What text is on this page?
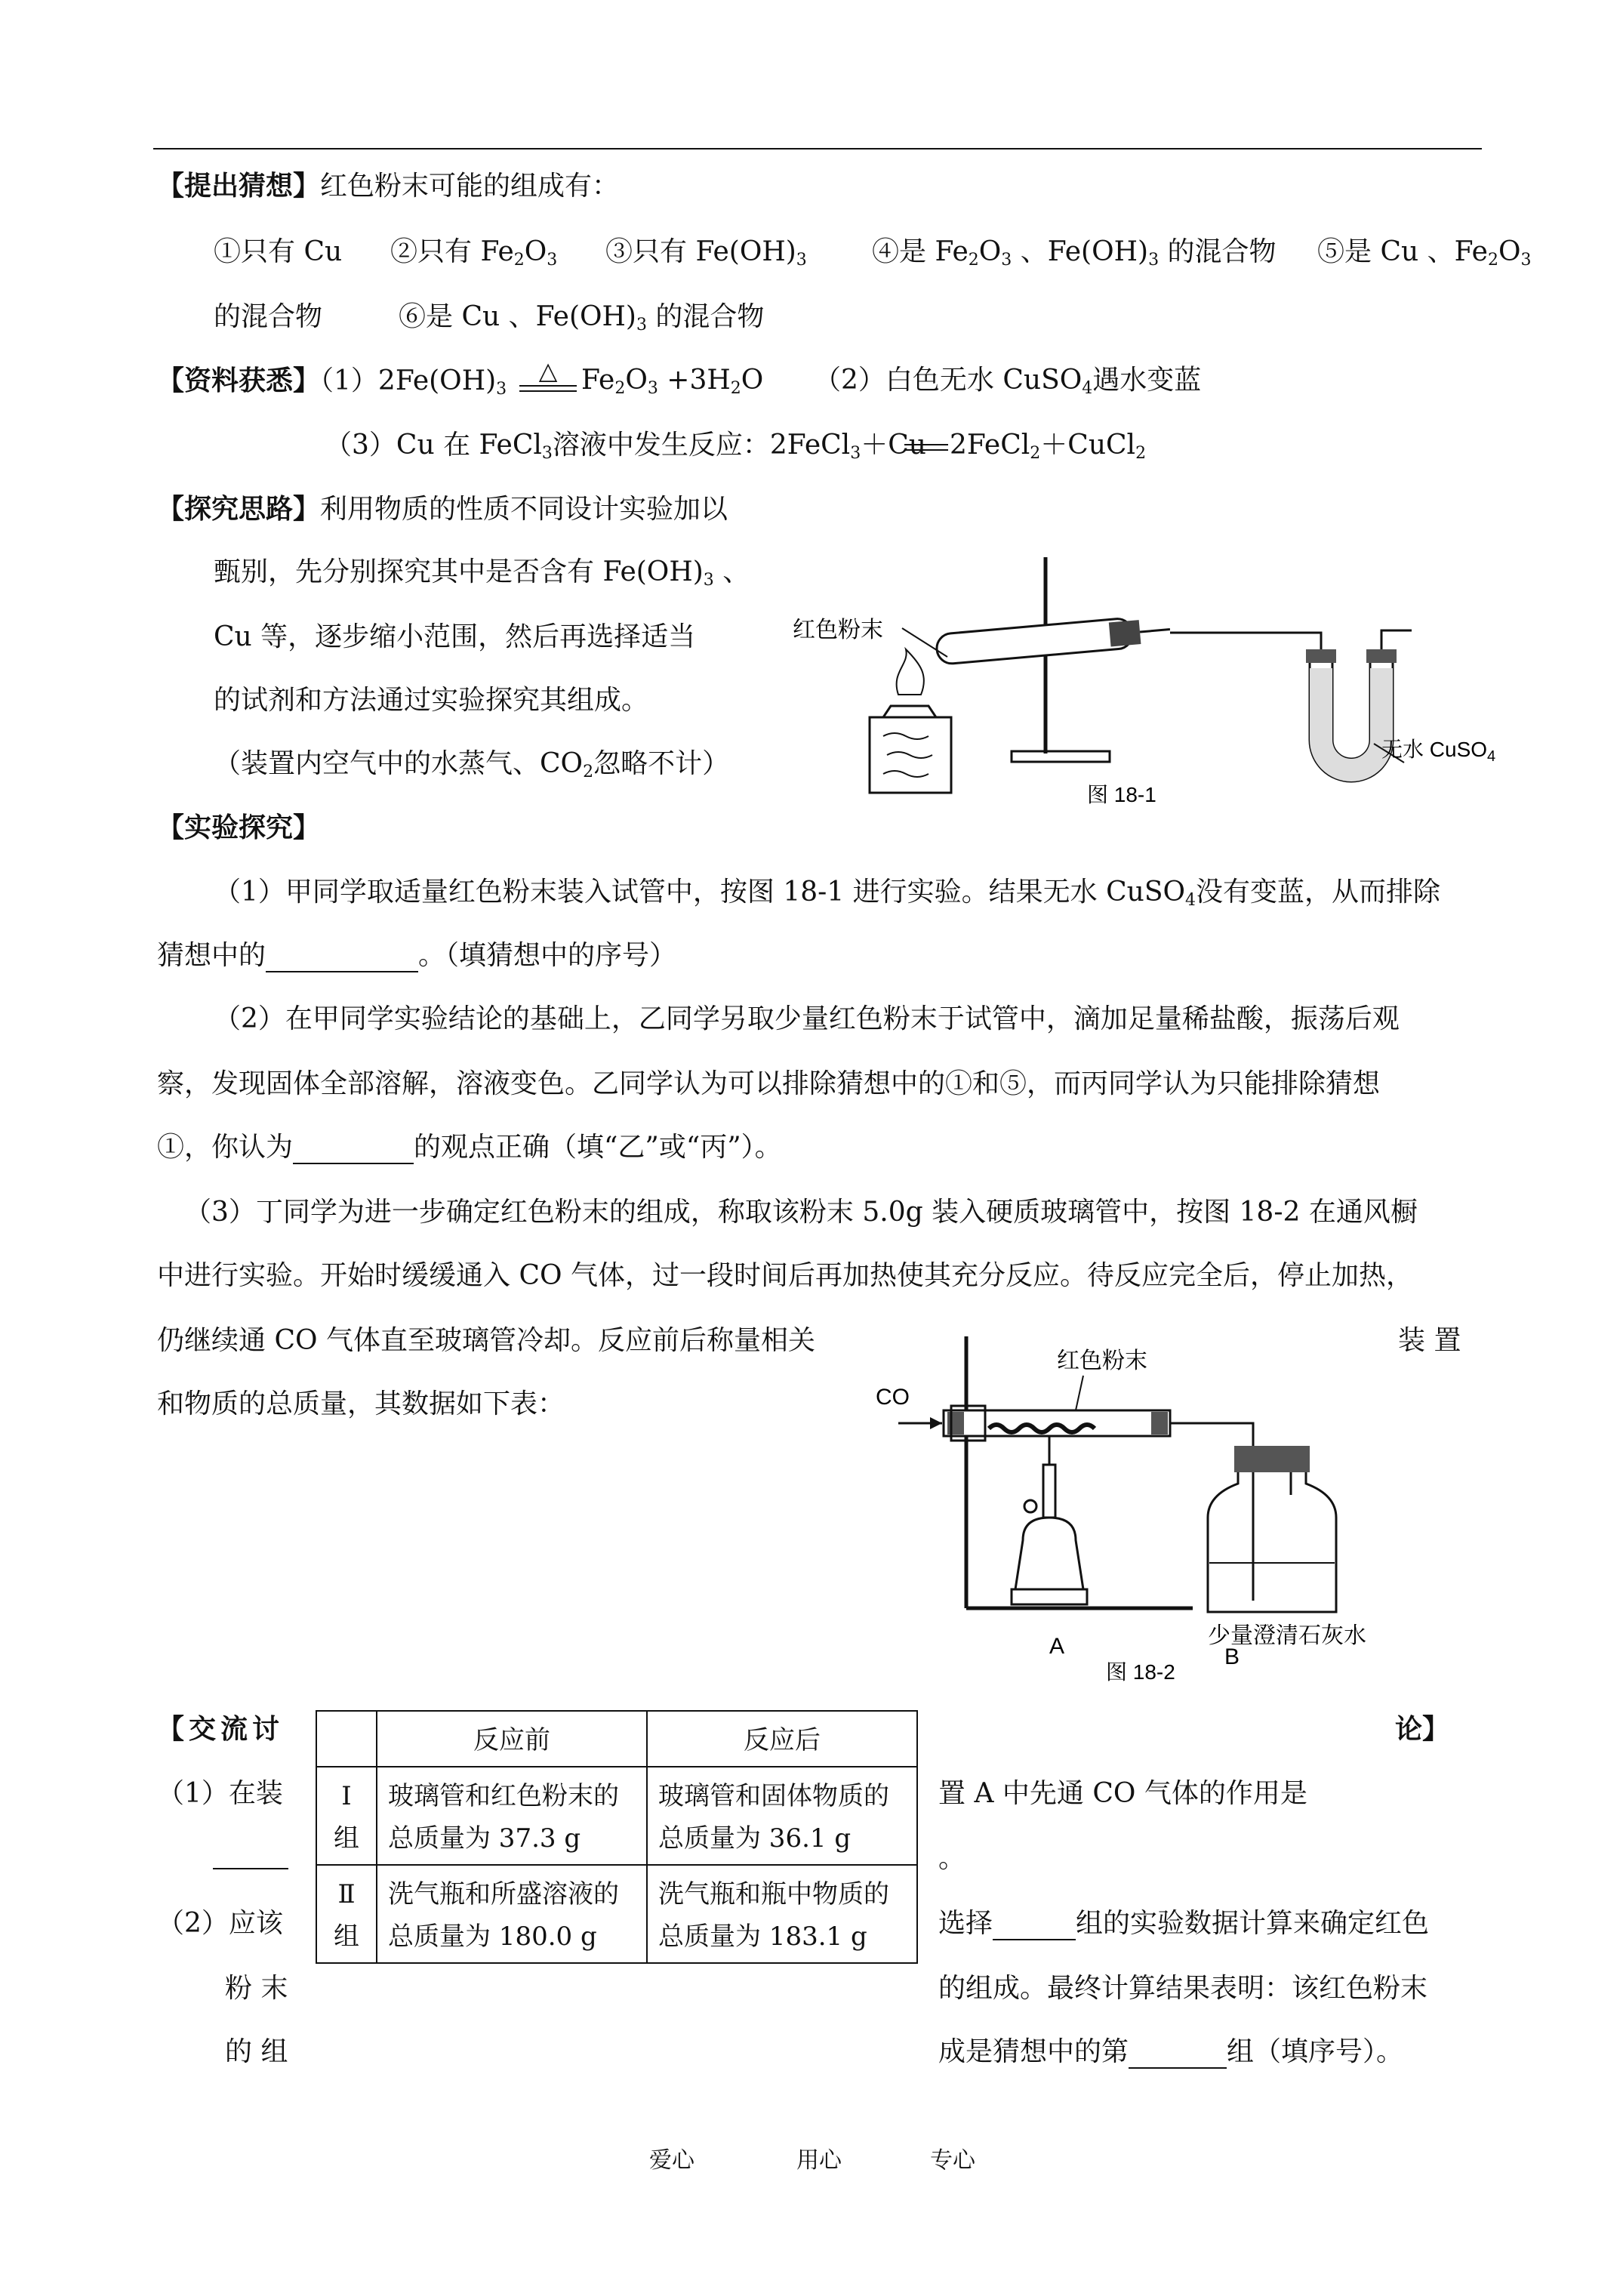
【提出猜想】红色粉末可能的组成有：
①只有 Cu ②只有 $Fe_2O_3$ ③只有 $Fe(OH)_3$ ④是 $Fe_2O_3$ 、$Fe(OH)_3$ 的混合物 ⑤是 Cu 、$Fe_2O_3$
的混合物	⑥是 Cu 、$Fe(OH)_3$ 的混合物
【资料获悉】$(1)2Fe(OH)_3$
△ $Fe_2O_3 +3H_2O$ （2）白色无水 CuSO$_4$遇水变蓝
（3）Cu 在 FeCl$_3$溶液中发生反应：2FeCl$_3$＋Cu 2FeCl$_2$＋CuCl$_2$
【探究思路】利用物质的性质不同设计实验加以
甄别，先分别探究其中是否含有 $Fe(OH)_3$ 、
Cu 等，逐步缩小范围，然后再选择适当
的试剂和方法通过实验探究其组成。
（装置内空气中的水蒸气、$CO_2$忽略不计）
红色粉末
无水 CuSO$_4$
图 18-1
【实验探究】
（1）甲同学取适量红色粉末装入试管中，按图 18-1 进行实验。结果无水 CuSO$_4$没有变蓝，从而排除
猜想中的	。（填猜想中的序号）
（2）在甲同学实验结论的基础上，乙同学另取少量红色粉末于试管中，滴加足量稀盐酸，振荡后观
察，发现固体全部溶解，溶液变色。乙同学认为可以排除猜想中的①和⑤，而丙同学认为只能排除猜想
①，你认为	的观点正确（填“乙”或“丙”）。
（3）丁同学为进一步确定红色粉末的组成，称取该粉末 5.0g 装入硬质玻璃管中，按图 18-2 在通风橱
中进行实验。开始时缓缓通入 CO 气体，过一段时间后再加热使其充分反应。待反应完全后，停止加热，
仍继续通 CO 气体直至玻璃管冷却。反应前后称量相关	装 置
和物质的总质量，其数据如下表：	CO
红色粉末
少量澄清石灰水
A	B
图 18-2
【交流讨
（1）在装
（2）应该
粉 末
的 组
	反应前	反应后
Ⅰ
组	玻璃管和红色粉末的总质量为 37.3 g	玻璃管和固体物质的总质量为 36.1 g
Ⅱ
组	洗气瓶和所盛溶液的总质量为 180.0 g	洗气瓶和瓶中物质的总质量为 183.1 g
论】
置 A 中先通 CO 气体的作用是
。
选择	组的实验数据计算来确定红色
的组成。最终计算结果表明：该红色粉末
成是猜想中的第	组（填序号）。
爱心	用心	专心
